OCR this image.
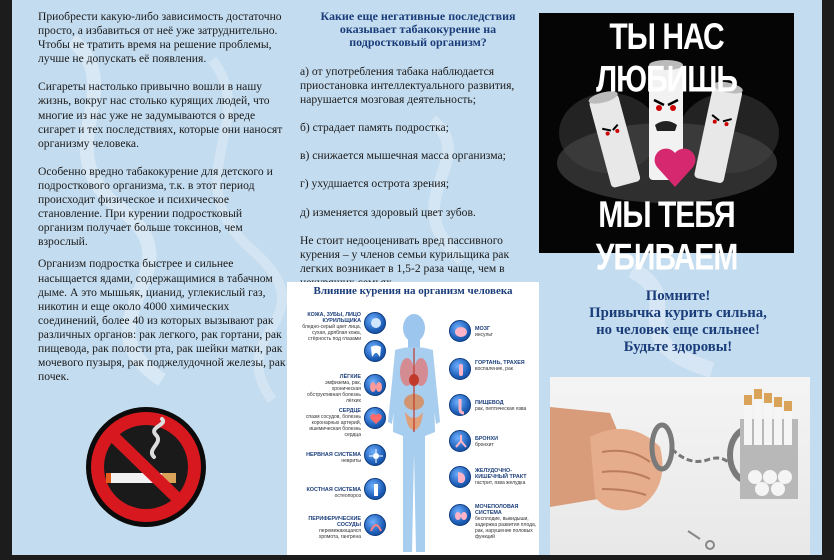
Приобрести какую-либо зависимость достаточно просто, а избавиться от неё уже затруднительно. Чтобы не тратить время на решение проблемы, лучше не допускать её появления.

Сигареты настолько привычно вошли в нашу жизнь, вокруг нас столько курящих людей, что многие из нас уже не задумываются о вреде сигарет и тех последствиях, которые они наносят организму человека.

Особенно вредно табакокурение для детского и подросткового организма, т.к. в этот период происходит физическое и психическое становление. При курении подростковый организм получает больше токсинов, чем взрослый.

Организм подростка быстрее и сильнее насыщается ядами, содержащимися в табачном дыме. А это мышьяк, цианид, углекислый газ, никотин и еще около 4000 химических соединений, более 40 из которых вызывают рак различных органов: рак легкого, рак гортани, рак пищевода, рак полости рта, рак шейки матки, рак мочевого пузыря, рак поджелудочной железы, рак почек.

Какие еще негативные последствия оказывает табакокурение на подростковый организм?
а) от употребления табака наблюдается приостановка интеллектуального развития, нарушается мозговая деятельность;
б) страдает память подростка;
в) снижается мышечная масса организма;
г) ухудшается острота зрения;
д) изменяется здоровый цвет зубов.
Не стоит недооценивать вред пассивного курения – у членов семьи курильщика рак легких возникает в 1,5-2 раза чаще, чем в
Влияние курения на организм человека
КОЖА, ЗУБЫ, ЛИЦО КУРИЛЬЩИКА
бледно-серый цвет лица, сухая, дряблая кожа, стёрность под глазами
ЛЁГКИЕ
эмфизема, рак, хроническая обструктивная болезнь лёгких
СЕРДЦЕ
спазм сосудов, болезнь коронарных артерий, ишемическая болезнь сердца
НЕРВНАЯ СИСТЕМА
невриты
КОСТНАЯ СИСТЕМА
остеопороз
ПЕРИФЕРИЧЕСКИЕ СОСУДЫ
перемежающаяся хромота, гангрена
МОЗГ
инсульт
ГОРТАНЬ, ТРАХЕЯ
воспаление, рак
ПИЩЕВОД
рак, пептическая язва
БРОНХИ
бронхит
ЖЕЛУДОЧНО-КИШЕЧНЫЙ ТРАКТ
гастрит, язва желудка
МОЧЕПОЛОВАЯ СИСТЕМА
бесплодие, выкидыши, задержка развития плода, рак, нарушение половых функций
ТЫ НАС ЛЮБИШЬ
МЫ ТЕБЯ УБИВАЕМ
Помните!
Привычка курить сильна,
но человек еще сильнее!
Будьте здоровы!
